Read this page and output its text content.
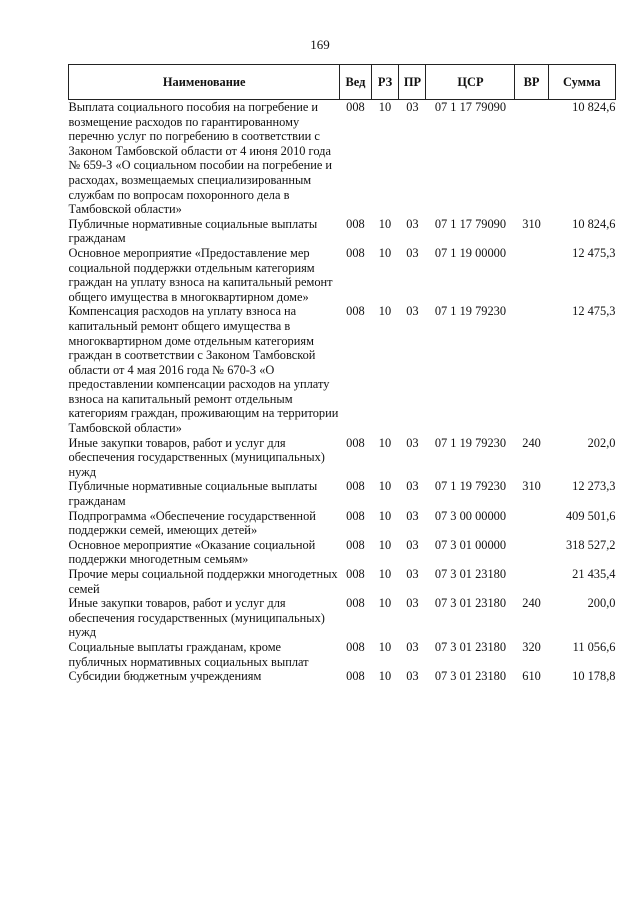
169
Наименование	Вед	РЗ	ПР	ЦСР	ВР	Сумма
Выплата социального пособия на погребение и возмещение расходов по гарантированному перечню услуг по погребению в соответствии с Законом Тамбовской области от 4 июня 2010 года № 659-З «О социальном пособии на погребение и расходах, возмещаемых специализированным службам по вопросам похоронного дела в Тамбовской области»	008	10	03	07 1 17 79090		10 824,6
Публичные нормативные социальные выплаты гражданам	008	10	03	07 1 17 79090	310	10 824,6
Основное мероприятие «Предоставление мер социальной поддержки отдельным категориям граждан на уплату взноса на капитальный ремонт общего имущества в многоквартирном доме»	008	10	03	07 1 19 00000		12 475,3
Компенсация расходов на уплату взноса на капитальный ремонт общего имущества в многоквартирном доме отдельным категориям граждан в соответствии с Законом Тамбовской области от 4 мая 2016 года № 670-З «О предоставлении компенсации расходов на уплату взноса на капитальный ремонт отдельным категориям граждан, проживающим на территории Тамбовской области»	008	10	03	07 1 19 79230		12 475,3
Иные закупки товаров, работ и услуг для обеспечения государственных (муниципальных) нужд	008	10	03	07 1 19 79230	240	202,0
Публичные нормативные социальные выплаты гражданам	008	10	03	07 1 19 79230	310	12 273,3
Подпрограмма «Обеспечение государственной поддержки семей, имеющих детей»	008	10	03	07 3 00 00000		409 501,6
Основное мероприятие «Оказание социальной поддержки многодетным семьям»	008	10	03	07 3 01 00000		318 527,2
Прочие меры социальной поддержки многодетных семей	008	10	03	07 3 01 23180		21 435,4
Иные закупки товаров, работ и услуг для обеспечения государственных (муниципальных) нужд	008	10	03	07 3 01 23180	240	200,0
Социальные выплаты гражданам, кроме публичных нормативных социальных выплат	008	10	03	07 3 01 23180	320	11 056,6
Субсидии бюджетным учреждениям	008	10	03	07 3 01 23180	610	10 178,8
